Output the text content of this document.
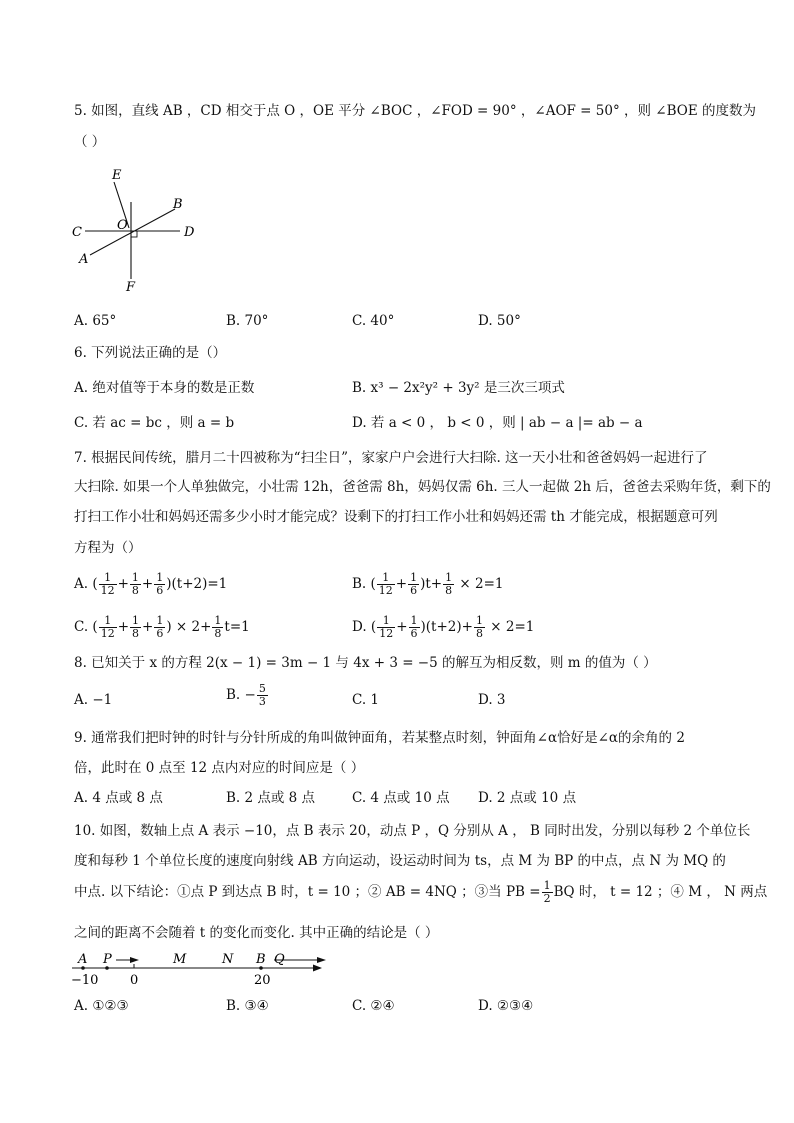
5. 如图，直线 AB ，CD 相交于点 O ，OE 平分 ∠BOC ，∠FOD = 90° ，∠AOF = 50° ，则 ∠BOE 的度数为
（ ）
E
B
C	O	D
A
F
A. 65°	B. 70°	C. 40°	D. 50°
6. 下列说法正确的是（）
A. 绝对值等于本身的数是正数	B. x³ − 2x²y² + 3y² 是三次三项式
C. 若 ac = bc ，则 a = b	D. 若 a < 0 ， b < 0 ，则 | ab − a |= ab − a
7. 根据民间传统，腊月二十四被称为“扫尘日”，家家户户会进行大扫除. 这一天小壮和爸爸妈妈一起进行了
大扫除. 如果一个人单独做完，小壮需 12h，爸爸需 8h，妈妈仅需 6h. 三人一起做 2h 后，爸爸去采购年货，剩下的
打扫工作小壮和妈妈还需多少小时才能完成？设剩下的打扫工作小壮和妈妈还需 th 才能完成，根据题意可列
方程为（）
A. ( $\frac{1}{12} + \frac{1}{8} + \frac{1}{6} )(t+2)=1$	B. ( $\frac{1}{12} + \frac{1}{6} )t+ \frac{1}{8} \times 2=1$
C. ( $\frac{1}{12} + \frac{1}{8} + \frac{1}{6}$ ) × $2+ \frac{1}{8} t=1$	D. ( $\frac{1}{12} + \frac{1}{6} )(t+2)+ \frac{1}{8} \times 2=1$
8. 已知关于 x 的方程 2(x − 1) = 3m − 1 与 4x + 3 = −5 的解互为相反数，则 m 的值为（ ）
A. −1	B. − $\frac{5}{3}$	C. 1	D. 3
9. 通常我们把时钟的时针与分针所成的角叫做钟面角，若某整点时刻，钟面角∠α恰好是∠α的余角的 2
倍，此时在 0 点至 12 点内对应的时间应是（ ）
A. 4 点或 8 点	B. 2 点或 8 点	C. 4 点或 10 点 D. 2 点或 10 点
10. 如图，数轴上点 A 表示 −10，点 B 表示 20，动点 P ，Q 分别从 A ， B 同时出发，分别以每秒 2 个单位长
度和每秒 1 个单位长度的速度向射线 AB 方向运动，设运动时间为 ts，点 M 为 BP 的中点，点 N 为 MQ 的
中点. 以下结论：①点 P 到达点 B 时，t = 10 ；② AB = 4NQ ；③当 PB = $\frac{1}{2}$ BQ 时， t = 12 ；④ M ， N 两点
之间的距离不会随着 t 的变化而变化. 其中正确的结论是（ ）
A P	M	N B Q
−10 0	20
A. ①②③	B. ③④	C. ②④	D. ②③④
